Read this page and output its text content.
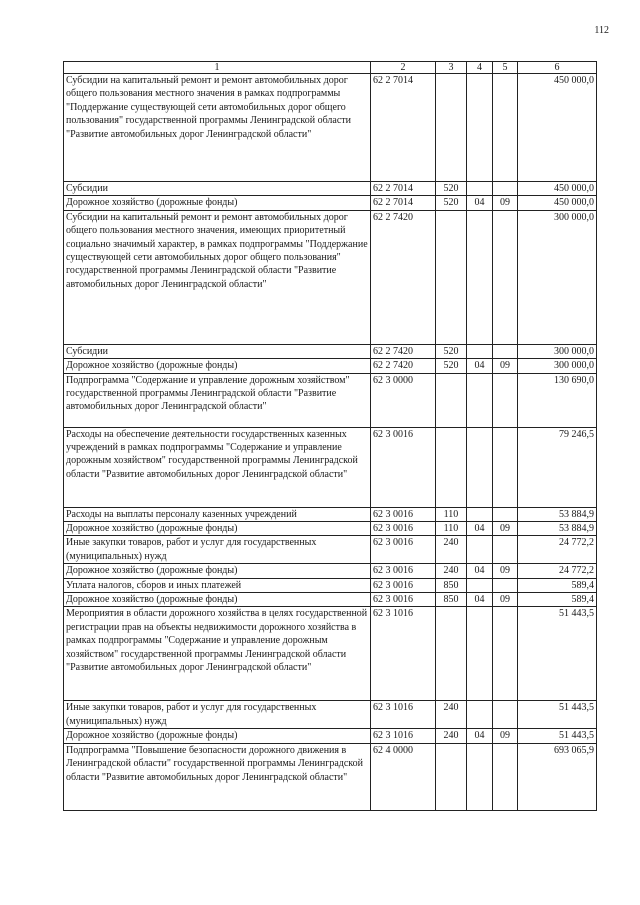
112
1	2	3	4	5	6
Субсидии на капитальный ремонт и ремонт автомобильных дорог общего пользования местного значения в рамках подпрограммы "Поддержание существующей сети автомобильных дорог общего пользования" государственной программы Ленинградской области "Развитие автомобильных дорог Ленинградской области"	62 2 7014				450 000,0
Субсидии	62 2 7014	520			450 000,0
Дорожное хозяйство (дорожные фонды)	62 2 7014	520	04	09	450 000,0
Субсидии на капитальный ремонт и ремонт автомобильных дорог общего пользования местного значения, имеющих приоритетный социально значимый характер, в рамках подпрограммы "Поддержание существующей сети автомобильных дорог общего пользования" государственной программы Ленинградской области "Развитие автомобильных дорог Ленинградской области"	62 2 7420				300 000,0
Субсидии	62 2 7420	520			300 000,0
Дорожное хозяйство (дорожные фонды)	62 2 7420	520	04	09	300 000,0
Подпрограмма "Содержание и управление дорожным хозяйством" государственной программы Ленинградской области "Развитие автомобильных дорог Ленинградской области"	62 3 0000				130 690,0
Расходы на обеспечение деятельности государственных казенных учреждений в рамках подпрограммы "Содержание и управление дорожным хозяйством" государственной программы Ленинградской области "Развитие автомобильных дорог Ленинградской области"	62 3 0016				79 246,5
Расходы на выплаты персоналу казенных учреждений	62 3 0016	110			53 884,9
Дорожное хозяйство (дорожные фонды)	62 3 0016	110	04	09	53 884,9
Иные закупки товаров, работ и услуг для государственных (муниципальных) нужд	62 3 0016	240			24 772,2
Дорожное хозяйство (дорожные фонды)	62 3 0016	240	04	09	24 772,2
Уплата налогов, сборов и иных платежей	62 3 0016	850			589,4
Дорожное хозяйство (дорожные фонды)	62 3 0016	850	04	09	589,4
Мероприятия в области дорожного хозяйства в целях государственной регистрации прав на объекты недвижимости дорожного хозяйства в рамках подпрограммы "Содержание и управление дорожным хозяйством" государственной программы Ленинградской области "Развитие автомобильных дорог Ленинградской области"	62 3 1016				51 443,5
Иные закупки товаров, работ и услуг для государственных (муниципальных) нужд	62 3 1016	240			51 443,5
Дорожное хозяйство (дорожные фонды)	62 3 1016	240	04	09	51 443,5
Подпрограмма "Повышение безопасности дорожного движения в Ленинградской области" государственной программы Ленинградской области "Развитие автомобильных дорог Ленинградской области"	62 4 0000				693 065,9
